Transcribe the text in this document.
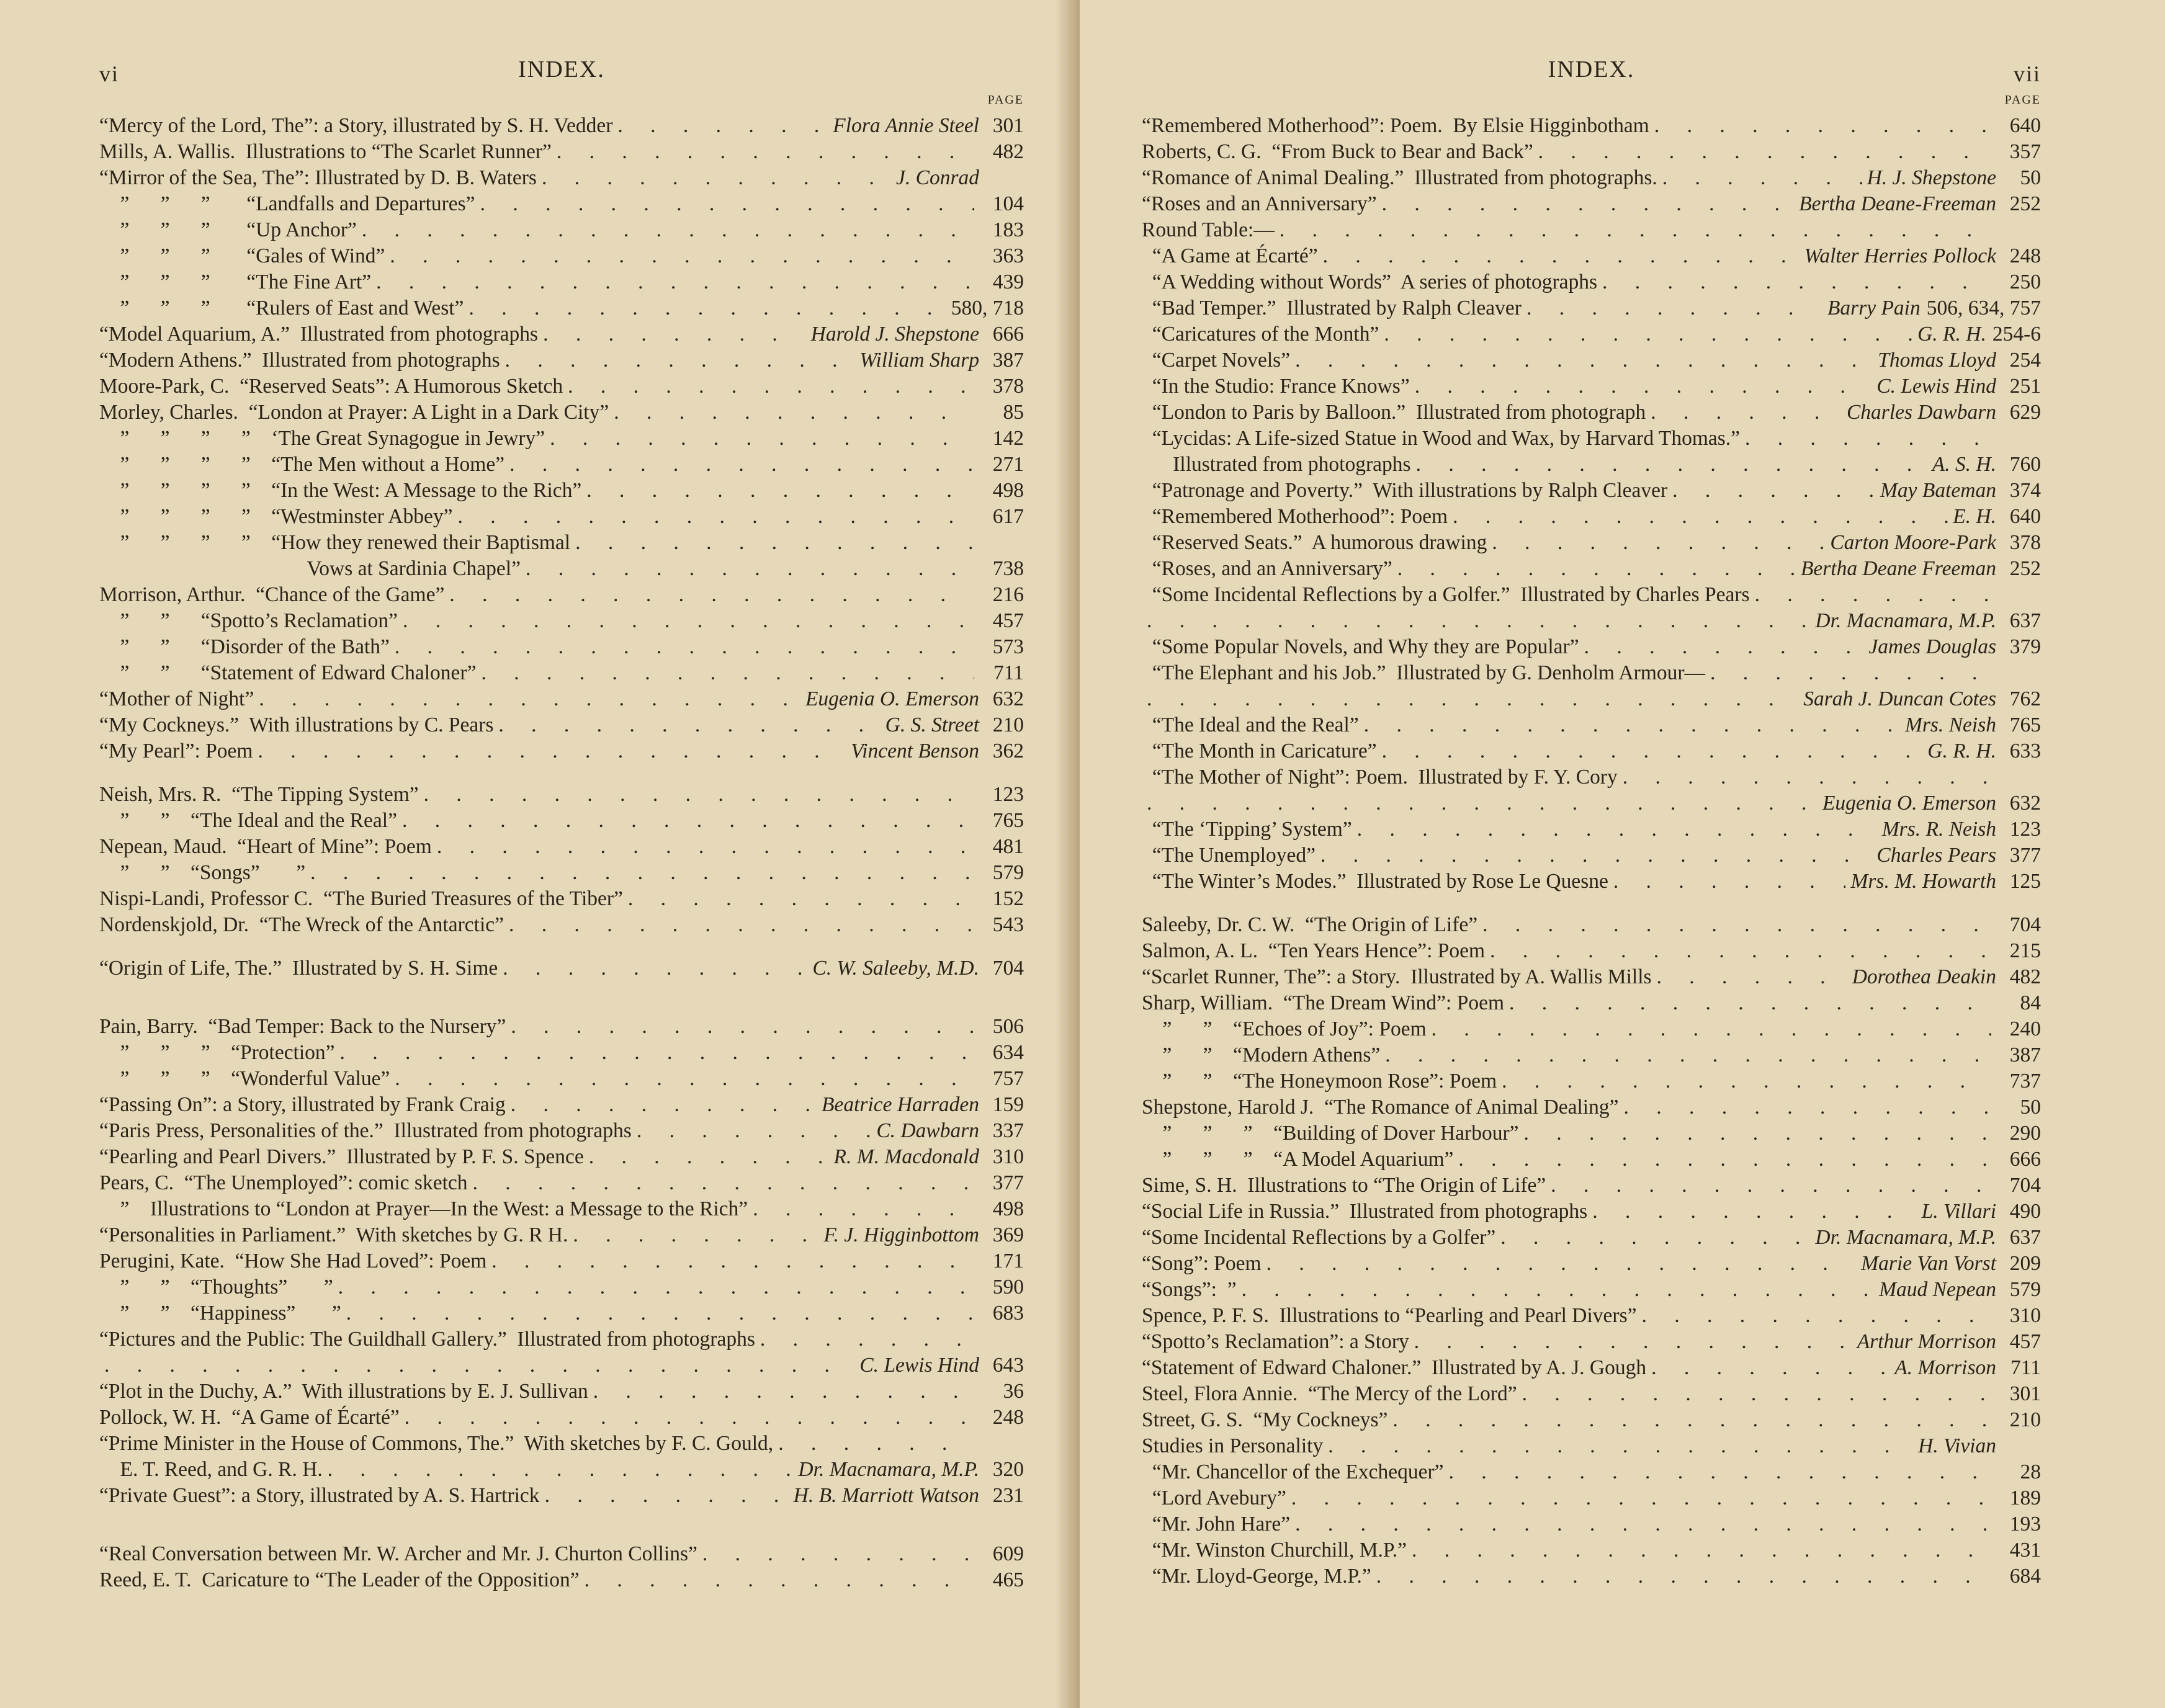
vi	INDEX.
PAGE
“Mercy of the Lord, The”: a Story, illustrated by S. H. Vedder . . .	Flora Annie Steel 301
Mills, A. Wallis.  Illustrations to “The Scarlet Runner” . . .	482
“Mirror of the Sea, The”: Illustrated by D. B. Waters . . .	J. Conrad
”      ”      ”       “Landfalls and Departures” . . .	104
”      ”      ”       “Up Anchor” . . .	183
”      ”      ”       “Gales of Wind” . . .	363
”      ”      ”       “The Fine Art” . . .	439
”      ”      ”       “Rulers of East and West” . . .	580, 718
“Model Aquarium, A.”  Illustrated from photographs . . .	Harold J. Shepstone 666
“Modern Athens.”  Illustrated from photographs . . .	William Sharp 387
Moore-Park, C.  “Reserved Seats”: A Humorous Sketch . . .	378
Morley, Charles.  “London at Prayer: A Light in a Dark City” . . .	85
”      ”      ”      ”    ‘The Great Synagogue in Jewry” . . .	142
”      ”      ”      ”    “The Men without a Home” . . .	271
”      ”      ”      ”    “In the West: A Message to the Rich” . . .	498
”      ”      ”      ”    “Westminster Abbey” . . .	617
”      ”      ”      ”    “How they renewed their Baptismal
. . .
Vows at Sardinia Chapel” . . .	738
Morrison, Arthur.  “Chance of the Game” . . .	216
”      ”      “Spotto’s Reclamation” . . .	457
”      ”      “Disorder of the Bath” . . .	573
”      ”      “Statement of Edward Chaloner” . . .	711
“Mother of Night” . . .	Eugenia O. Emerson 632
“My Cockneys.”  With illustrations by C. Pears . . .	G. S. Street 210
“My Pearl”: Poem . . .	Vincent Benson 362
Neish, Mrs. R.  “The Tipping System” . . .	123
”      ”    “The Ideal and the Real” . . .	765
Nepean, Maud.  “Heart of Mine”: Poem . . .	481
”      ”    “Songs”       ” . . .	579
Nispi-Landi, Professor C.  “The Buried Treasures of the Tiber” . . .	152
Nordenskjold, Dr.  “The Wreck of the Antarctic” . . .	543
“Origin of Life, The.”  Illustrated by S. H. Sime . . .	C. W. Saleeby, M.D. 704
Pain, Barry.  “Bad Temper: Back to the Nursery” . . .	506
”      ”      ”    “Protection” . . .	634
”      ”      ”    “Wonderful Value” . . .	757
“Passing On”: a Story, illustrated by Frank Craig . . .	Beatrice Harraden 159
“Paris Press, Personalities of the.”  Illustrated from photographs . . .	C. Dawbarn 337
“Pearling and Pearl Divers.”  Illustrated by P. F. S. Spence . . .	R. M. Macdonald 310
Pears, C.  “The Unemployed”: comic sketch . . .	377
”    Illustrations to “London at Prayer—In the West: a Message to the Rich” . . .	498
“Personalities in Parliament.”  With sketches by G. R H. . . .	F. J. Higginbottom 369
Perugini, Kate.  “How She Had Loved”: Poem . . .	171
”      ”    “Thoughts”       ” . . .	590
”      ”    “Happiness”       ” . . .	683
“Pictures and the Public: The Guildhall Gallery.”  Illustrated from photographs
. . .
. . .
C. Lewis Hind 643
“Plot in the Duchy, A.”  With illustrations by E. J. Sullivan . . .	36
Pollock, W. H.  “A Game of Écarté” . . .	248
“Prime Minister in the House of Commons, The.”  With sketches by F. C. Gould,
. . .
E. T. Reed, and G. R. H. . . .	Dr. Macnamara, M.P. 320
“Private Guest”: a Story, illustrated by A. S. Hartrick . . .	H. B. Marriott Watson 231
“Real Conversation between Mr. W. Archer and Mr. J. Churton Collins” . . .	609
Reed, E. T.  Caricature to “The Leader of the Opposition” . . .	465
INDEX.	vii
PAGE
“Remembered Motherhood”: Poem.  By Elsie Higginbotham . . .	640
Roberts, C. G.  “From Buck to Bear and Back” . . .	357
“Romance of Animal Dealing.”  Illustrated from photographs. . . .	H. J. Shepstone	50
“Roses and an Anniversary” . . .	Bertha Deane-Freeman 252
Round Table:—
. . .
“A Game at Écarté” . . .	Walter Herries Pollock 248
“A Wedding without Words”  A series of photographs . . .	250
“Bad Temper.”  Illustrated by Ralph Cleaver . . .	Barry Pain 506, 634, 757
“Caricatures of the Month” . . .	G. R. H. 254-6
“Carpet Novels” . . .	Thomas Lloyd 254
“In the Studio: France Knows” . . .	C. Lewis Hind 251
“London to Paris by Balloon.”  Illustrated from photograph . . .	Charles Dawbarn 629
“Lycidas: A Life-sized Statue in Wood and Wax, by Harvard Thomas.”
. . .
Illustrated from photographs . . .	A. S. H. 760
“Patronage and Poverty.”  With illustrations by Ralph Cleaver . . .	May Bateman 374
“Remembered Motherhood”: Poem . . .	E. H. 640
“Reserved Seats.”  A humorous drawing . . .	Carton Moore-Park 378
“Roses, and an Anniversary” . . .	Bertha Deane Freeman 252
“Some Incidental Reflections by a Golfer.”  Illustrated by Charles Pears
. . .
. . .
Dr. Macnamara, M.P. 637
“Some Popular Novels, and Why they are Popular” . . .	James Douglas 379
“The Elephant and his Job.”  Illustrated by G. Denholm Armour—
. . .
. . .
Sarah J. Duncan Cotes 762
“The Ideal and the Real” . . .	Mrs. Neish 765
“The Month in Caricature” . . .	G. R. H. 633
“The Mother of Night”: Poem.  Illustrated by F. Y. Cory
. . .
. . .
Eugenia O. Emerson 632
“The ‘Tipping’ System” . . .	Mrs. R. Neish 123
“The Unemployed” . . .	Charles Pears 377
“The Winter’s Modes.”  Illustrated by Rose Le Quesne . . .	Mrs. M. Howarth 125
Saleeby, Dr. C. W.  “The Origin of Life” . . .	704
Salmon, A. L.  “Ten Years Hence”: Poem . . .	215
“Scarlet Runner, The”: a Story.  Illustrated by A. Wallis Mills . . .	Dorothea Deakin 482
Sharp, William.  “The Dream Wind”: Poem . . .	84
”      ”    “Echoes of Joy”: Poem . . .	240
”      ”    “Modern Athens” . . .	387
”      ”    “The Honeymoon Rose”: Poem . . .	737
Shepstone, Harold J.  “The Romance of Animal Dealing” . . .	50
”      ”      ”    “Building of Dover Harbour” . . .	290
”      ”      ”    “A Model Aquarium” . . .	666
Sime, S. H.  Illustrations to “The Origin of Life” . . .	704
“Social Life in Russia.”  Illustrated from photographs . . .	L. Villari 490
“Some Incidental Reflections by a Golfer” . . .	Dr. Macnamara, M.P. 637
“Song”: Poem . . .	Marie Van Vorst 209
“Songs”:  ” . . .	Maud Nepean 579
Spence, P. F. S.  Illustrations to “Pearling and Pearl Divers” . . .	310
“Spotto’s Reclamation”: a Story . . .	Arthur Morrison 457
“Statement of Edward Chaloner.”  Illustrated by A. J. Gough . . .	A. Morrison 711
Steel, Flora Annie.  “The Mercy of the Lord” . . .	301
Street, G. S.  “My Cockneys” . . .	210
Studies in Personality . . .	H. Vivian
“Mr. Chancellor of the Exchequer” . . .	28
“Lord Avebury” . . .	189
“Mr. John Hare” . . .	193
“Mr. Winston Churchill, M.P.” . . .	431
“Mr. Lloyd-George, M.P.” . . .	684
